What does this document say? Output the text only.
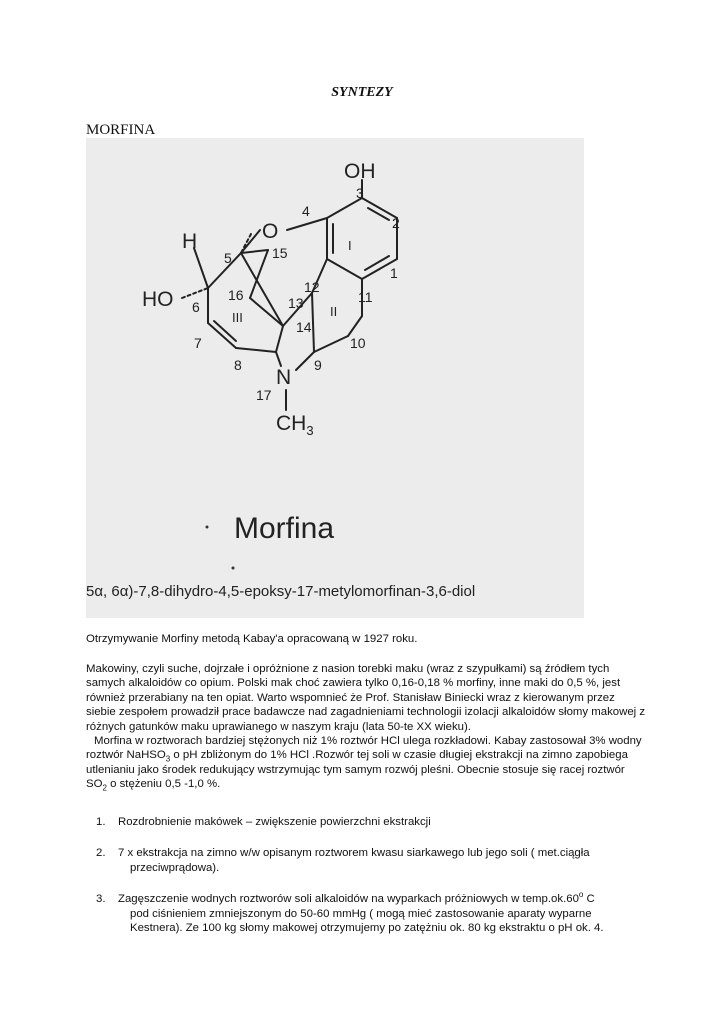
SYNTEZY
MORFINA
OH
O
H
HO
N
$CH_3$
I
II
III
1
2
3
4
5
6
7
8	9
10
11
12
13
14
15
16
17
Morfina
5α, 6α)-7,8-dihydro-4,5-epoksy-17-metylomorfinan-3,6-diol
Otrzymywanie Morfiny metodą Kabay'a opracowaną w 1927 roku.

Makowiny, czyli suche, dojrzałe i opróżnione z nasion torebki maku (wraz z szypułkami) są źródłem tych samych alkaloidów co opium. Polski mak choć zawiera tylko 0,16-0,18 % morfiny, inne maki do 0,5 %, jest również przerabiany na ten opiat. Warto wspomnieć że Prof. Stanisław Biniecki wraz z kierowanym przez siebie zespołem prowadził prace badawcze nad zagadnieniami technologii izolacji alkaloidów słomy makowej z różnych gatunków maku uprawianego w naszym kraju (lata 50-te XX wieku).

Morfina w roztworach bardziej stężonych niż 1% roztwór HCl ulega rozkładowi. Kabay zastosował 3% wodny roztwór NaHSO$_3$ o pH zbliżonym do 1% HCl .Rozwór tej soli w czasie długiej ekstrakcji na zimno zapobiega utlenianiu jako środek redukujący wstrzymując tym samym rozwój pleśni. Obecnie stosuje się racej roztwór $SO_2$ o stężeniu 0,5 -1,0 %.

1. Rozdrobnienie makówek – zwiększenie powierzchni ekstrakcji
2. 7 x ekstrakcja na zimno w/w opisanym roztworem kwasu siarkawego lub jego soli ( met.ciągła
przeciwprądowa).
3. Zagęszczenie wodnych roztworów soli alkaloidów na wyparkach próżniowych w temp.ok.60$^o$ C
pod ciśnieniem zmniejszonym do 50-60 mmHg ( mogą mieć zastosowanie aparaty wyparne Kestnera). Ze 100 kg słomy makowej otrzymujemy po zatężniu ok. 80 kg ekstraktu o pH ok. 4.
